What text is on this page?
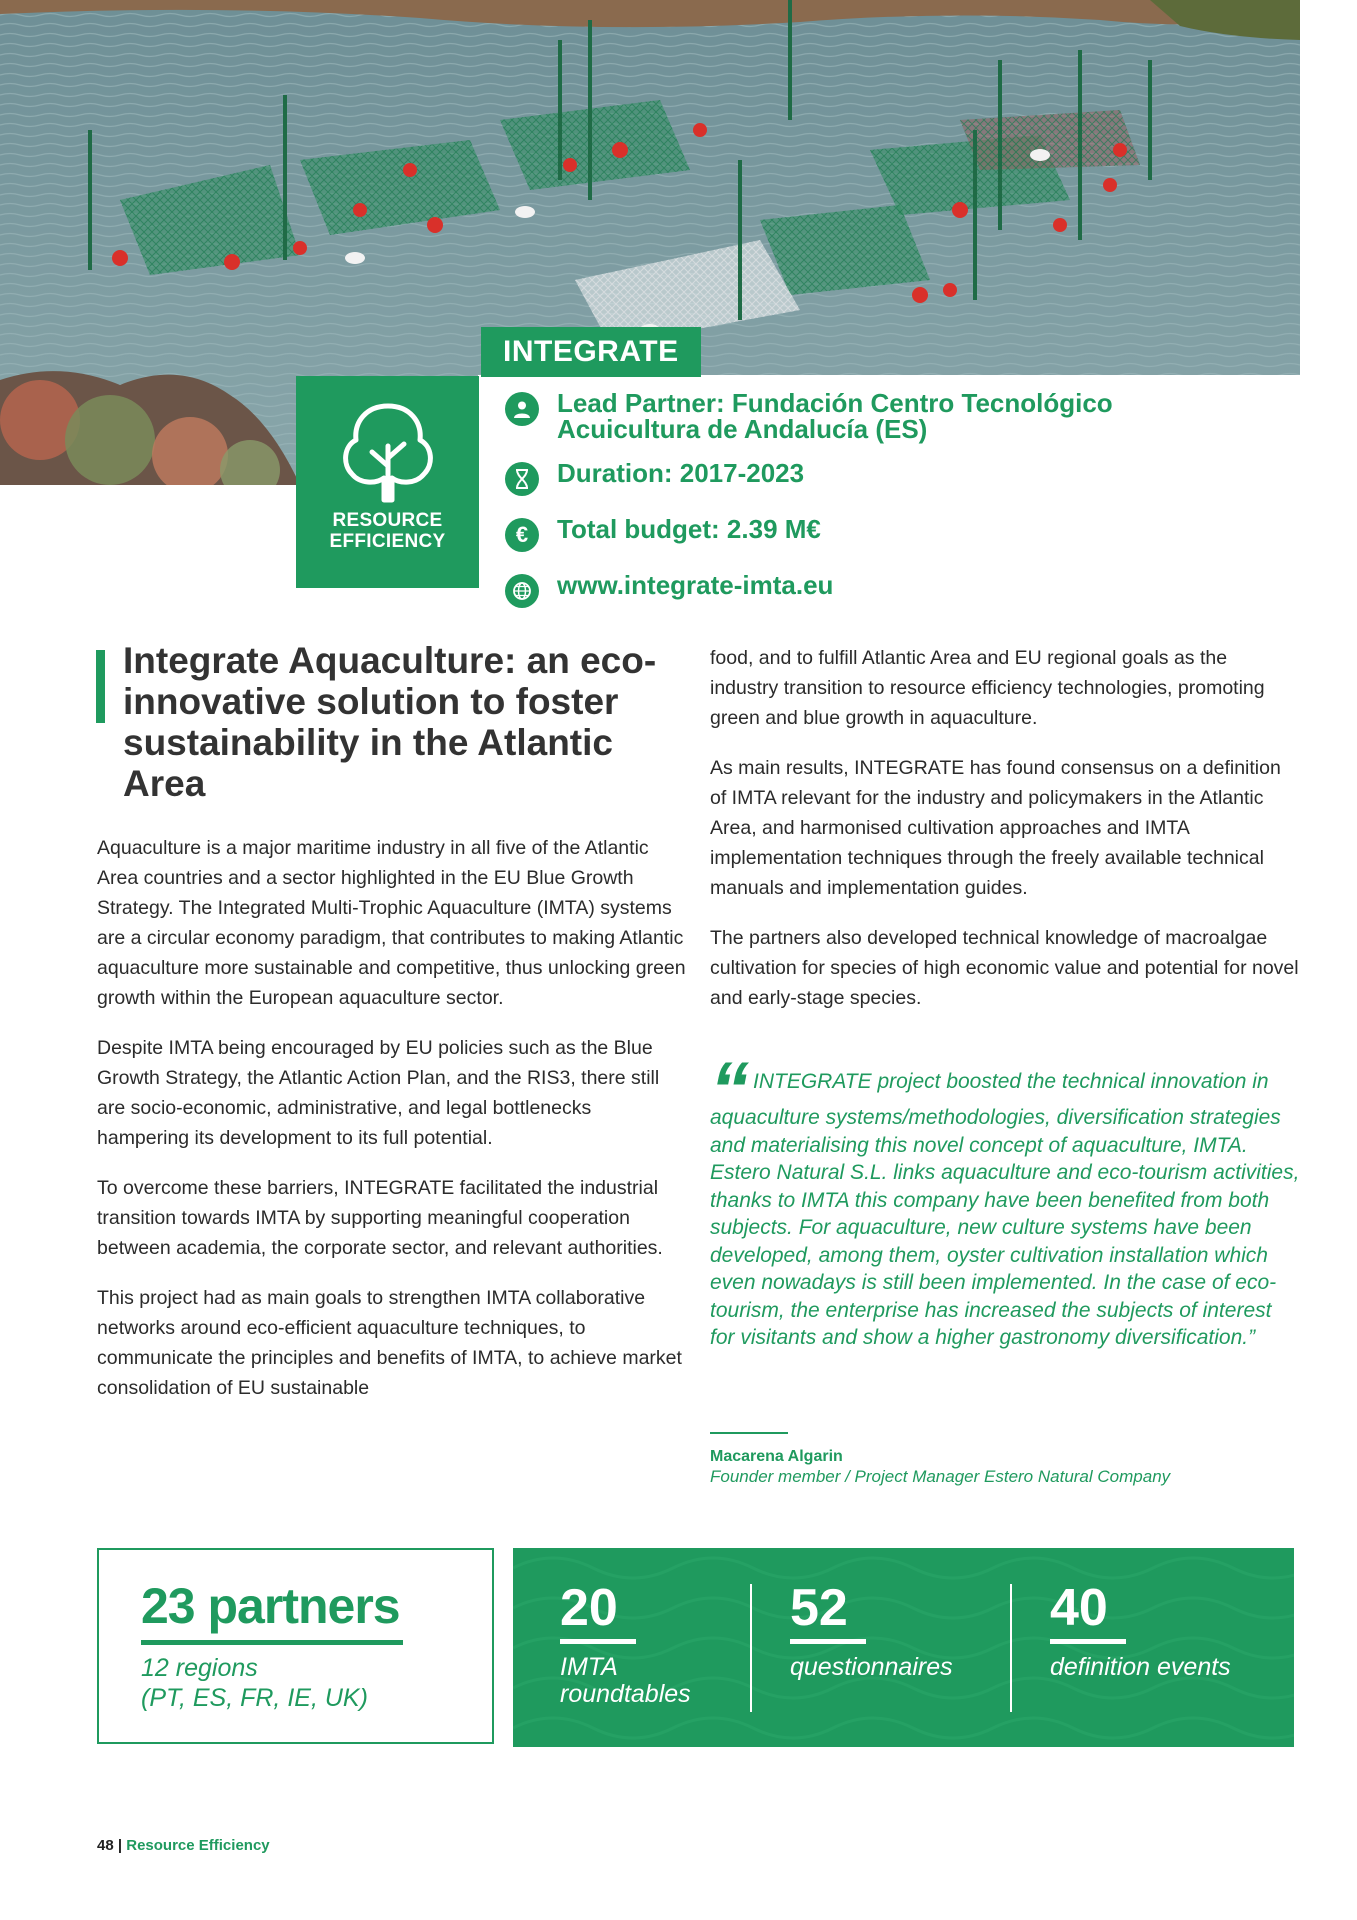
INTEGRATE
RESOURCE
EFFICIENCY
Lead Partner: Fundación Centro Tecnológico
Acuicultura de Andalucía (ES)
Duration: 2017-2023
€ Total budget: 2.39 M€
www.integrate-imta.eu
Integrate Aquaculture: an eco-innovative solution to foster sustainability in the Atlantic Area

Aquaculture is a major maritime industry in all five of the Atlantic Area countries and a sector highlighted in the EU Blue Growth Strategy. The Integrated Multi-Trophic Aquaculture (IMTA) systems are a circular economy paradigm, that contributes to making Atlantic aquaculture more sustainable and competitive, thus unlocking green growth within the European aquaculture sector.

Despite IMTA being encouraged by EU policies such as the Blue Growth Strategy, the Atlantic Action Plan, and the RIS3, there still are socio-economic, administrative, and legal bottlenecks hampering its development to its full potential.

To overcome these barriers, INTEGRATE facilitated the industrial transition towards IMTA by supporting meaningful cooperation between academia, the corporate sector, and relevant authorities.

This project had as main goals to strengthen IMTA collaborative networks around eco-efficient aquaculture techniques, to communicate the principles and benefits of IMTA, to achieve market consolidation of EU sustainable

food, and to fulfill Atlantic Area and EU regional goals as the industry transition to resource efficiency technologies, promoting green and blue growth in aquaculture.

As main results, INTEGRATE has found consensus on a definition of IMTA relevant for the industry and policymakers in the Atlantic Area, and harmonised cultivation approaches and IMTA implementation techniques through the freely available technical manuals and implementation guides.

The partners also developed technical knowledge of macroalgae cultivation for species of high economic value and potential for novel and early-stage species.

“ INTEGRATE project boosted the technical innovation in aquaculture systems/methodologies, diversification strategies and materialising this novel concept of aquaculture, IMTA. Estero Natural S.L. links aquaculture and eco-tourism activities, thanks to IMTA this company have been benefited from both subjects. For aquaculture, new culture systems have been developed, among them, oyster cultivation installation which even nowadays is still been implemented. In the case of eco-tourism, the enterprise has increased the subjects of interest for visitants and show a higher gastronomy diversification.”
Macarena Algarin
Founder member / Project Manager Estero Natural Company
23 partners
12 regions
(PT, ES, FR, IE, UK)
20
IMTA
roundtables
52
questionnaires
40
definition events
48 | Resource Efficiency
